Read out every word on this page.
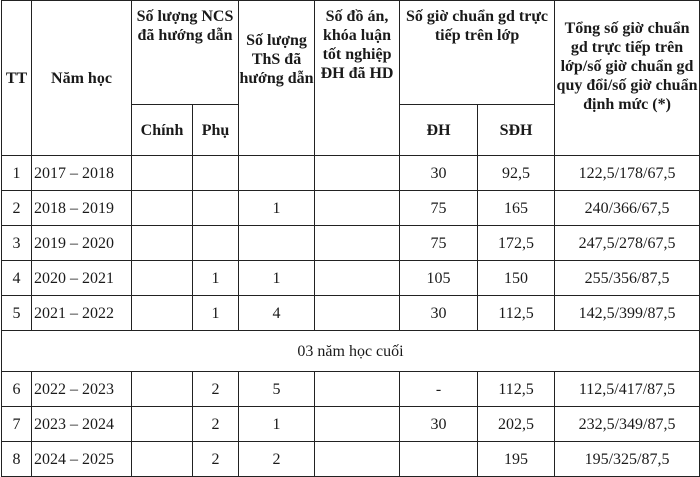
TT	Năm học	Số lượng NCS đã hướng dẫn		Số lượng ThS đã hướng dẫn	Số đồ án, khóa luận tốt nghiệp ĐH đã HD	Số giờ chuẩn gd trực tiếp trên lớp		Tổng số giờ chuẩn gd trực tiếp trên lớp/số giờ chuẩn gd quy đổi/số giờ chuẩn định mức (*)
		Chính	Phụ			ĐH	SĐH	
1	2017 – 2018					30	92,5	122,5/178/67,5
2	2018 – 2019			1		75	165	240/366/67,5
3	2019 – 2020					75	172,5	247,5/278/67,5
4	2020 – 2021		1	1		105	150	255/356/87,5
5	2021 – 2022		1	4		30	112,5	142,5/399/87,5
03 năm học cuối								
6	2022 – 2023		2	5		-	112,5	112,5/417/87,5
7	2023 – 2024		2	1		30	202,5	232,5/349/87,5
8	2024 – 2025		2	2			195	195/325/87,5
